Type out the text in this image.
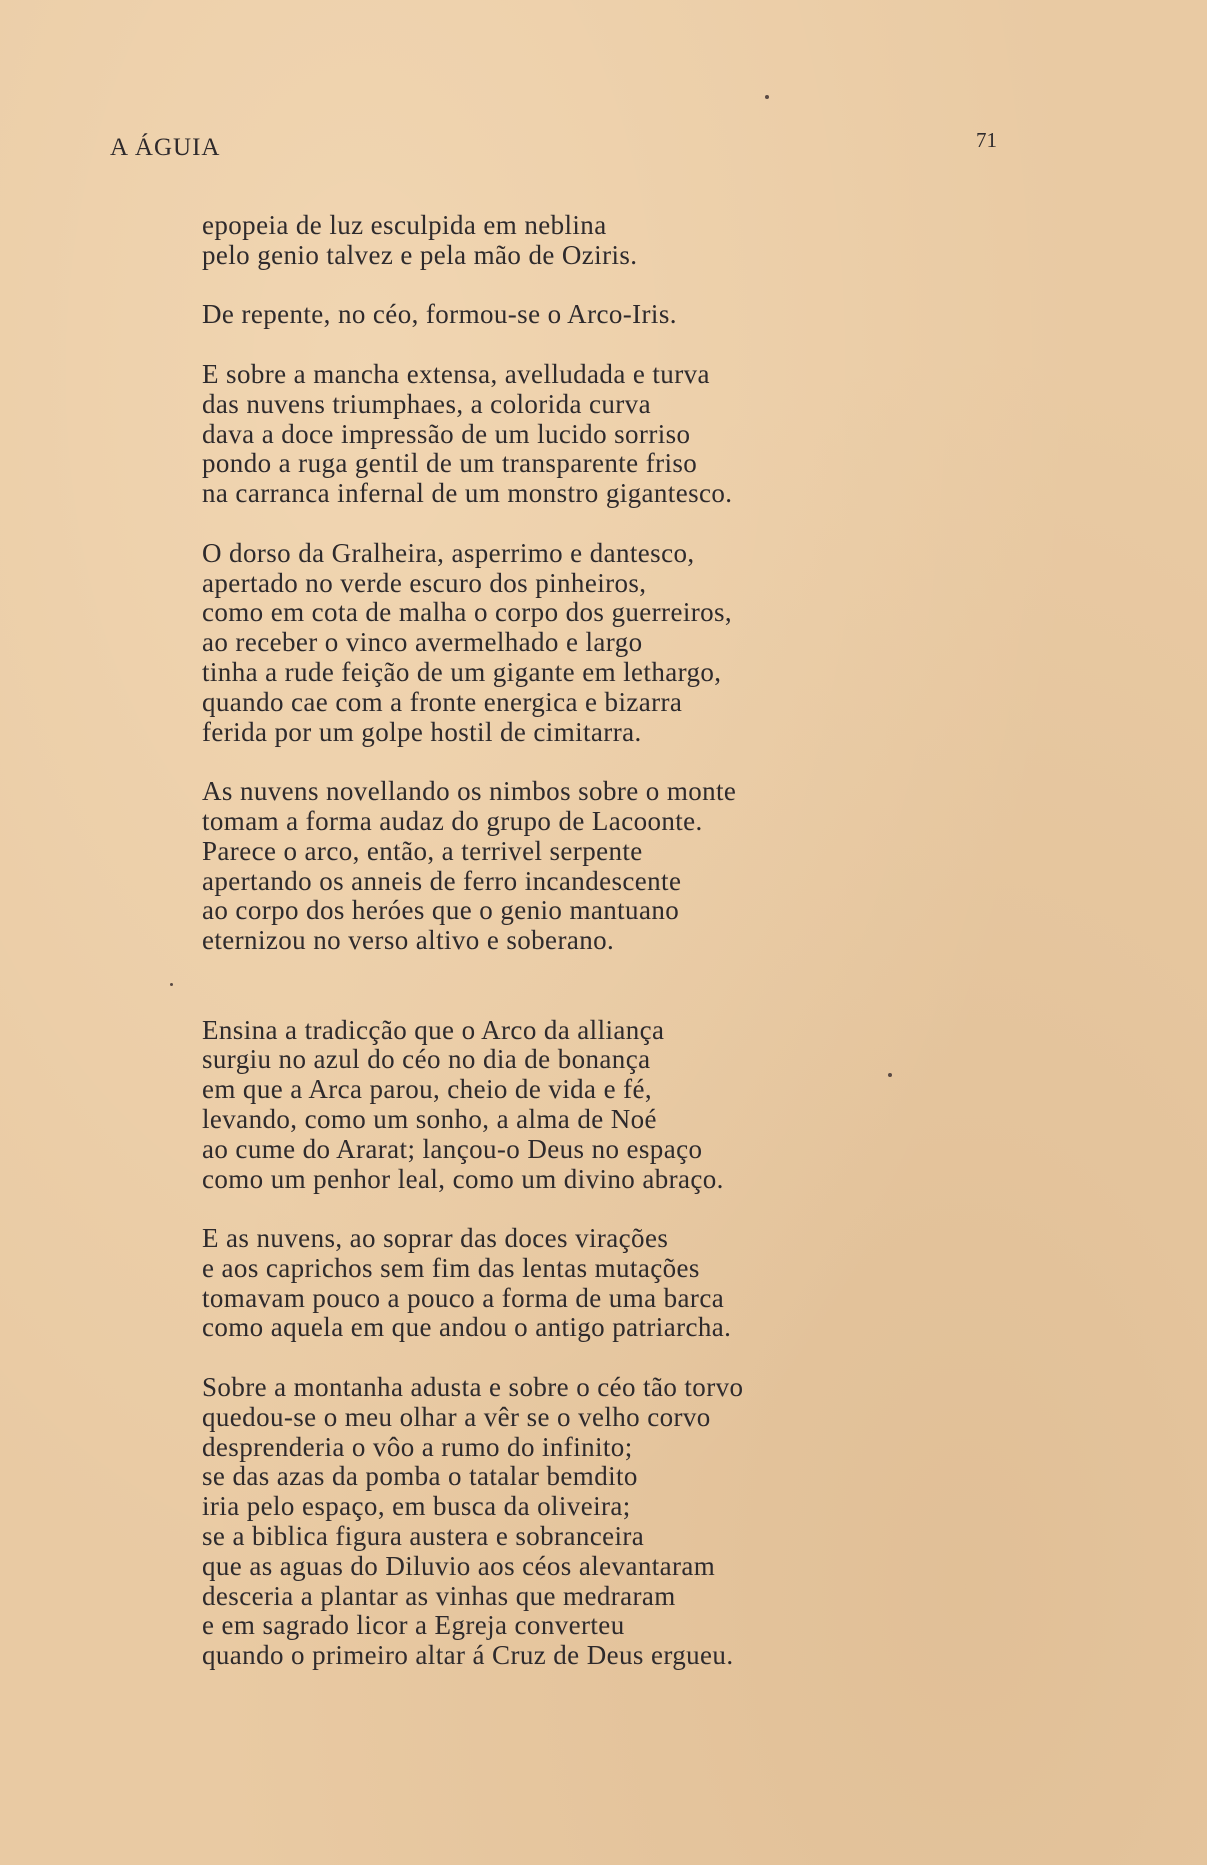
A ÁGUIA	71
epopeia de luz esculpida em neblina
pelo genio talvez e pela mão de Oziris.
De repente, no céo, formou-se o Arco-Iris.
E sobre a mancha extensa, avelludada e turva
das nuvens triumphaes, a colorida curva
dava a doce impressão de um lucido sorriso
pondo a ruga gentil de um transparente friso
na carranca infernal de um monstro gigantesco.
O dorso da Gralheira, asperrimo e dantesco,
apertado no verde escuro dos pinheiros,
como em cota de malha o corpo dos guerreiros,
ao receber o vinco avermelhado e largo
tinha a rude feição de um gigante em lethargo,
quando cae com a fronte energica e bizarra
ferida por um golpe hostil de cimitarra.
As nuvens novellando os nimbos sobre o monte
tomam a forma audaz do grupo de Lacoonte.
Parece o arco, então, a terrivel serpente
apertando os anneis de ferro incandescente
ao corpo dos heróes que o genio mantuano
eternizou no verso altivo e soberano.
Ensina a tradicção que o Arco da alliança
surgiu no azul do céo no dia de bonança
em que a Arca parou, cheio de vida e fé,
levando, como um sonho, a alma de Noé
ao cume do Ararat; lançou-o Deus no espaço
como um penhor leal, como um divino abraço.
E as nuvens, ao soprar das doces virações
e aos caprichos sem fim das lentas mutações
tomavam pouco a pouco a forma de uma barca
como aquela em que andou o antigo patriarcha.
Sobre a montanha adusta e sobre o céo tão torvo
quedou-se o meu olhar a vêr se o velho corvo
desprenderia o vôo a rumo do infinito;
se das azas da pomba o tatalar bemdito
iria pelo espaço, em busca da oliveira;
se a biblica figura austera e sobranceira
que as aguas do Diluvio aos céos alevantaram
desceria a plantar as vinhas que medraram
e em sagrado licor a Egreja converteu
quando o primeiro altar á Cruz de Deus ergueu.
